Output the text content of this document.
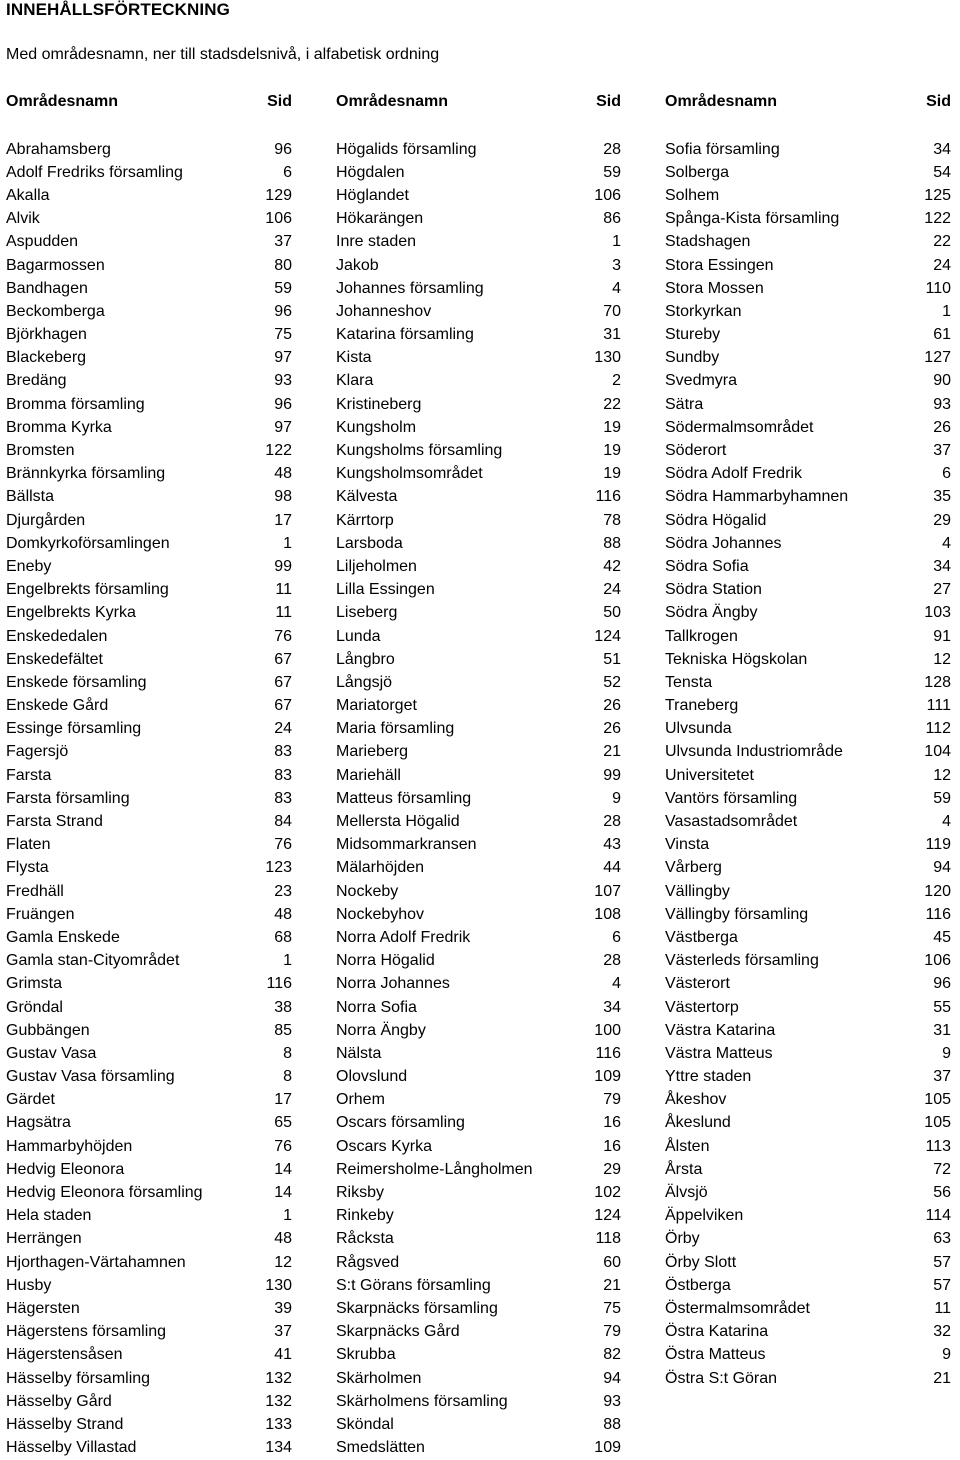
INNEHÅLLSFÖRTECKNING
Med områdesnamn, ner till stadsdelsnivå, i alfabetisk ordning
Områdesnamn	Sid
Abrahamsberg	96
Adolf Fredriks församling	6
Akalla	129
Alvik	106
Aspudden	37
Bagarmossen	80
Bandhagen	59
Beckomberga	96
Björkhagen	75
Blackeberg	97
Bredäng	93
Bromma församling	96
Bromma Kyrka	97
Bromsten	122
Brännkyrka församling	48
Bällsta	98
Djurgården	17
Domkyrkoförsamlingen	1
Eneby	99
Engelbrekts församling	11
Engelbrekts Kyrka	11
Enskededalen	76
Enskedefältet	67
Enskede församling	67
Enskede Gård	67
Essinge församling	24
Fagersjö	83
Farsta	83
Farsta församling	83
Farsta Strand	84
Flaten	76
Flysta	123
Fredhäll	23
Fruängen	48
Gamla Enskede	68
Gamla stan-Cityområdet	1
Grimsta	116
Gröndal	38
Gubbängen	85
Gustav Vasa	8
Gustav Vasa församling	8
Gärdet	17
Hagsätra	65
Hammarbyhöjden	76
Hedvig Eleonora	14
Hedvig Eleonora församling	14
Hela staden	1
Herrängen	48
Hjorthagen-Värtahamnen	12
Husby	130
Hägersten	39
Hägerstens församling	37
Hägerstensåsen	41
Hässelby församling	132
Hässelby Gård	132
Hässelby Strand	133
Hässelby Villastad	134
Områdesnamn	Sid
Högalids församling	28
Högdalen	59
Höglandet	106
Hökarängen	86
Inre staden	1
Jakob	3
Johannes församling	4
Johanneshov	70
Katarina församling	31
Kista	130
Klara	2
Kristineberg	22
Kungsholm	19
Kungsholms församling	19
Kungsholmsområdet	19
Kälvesta	116
Kärrtorp	78
Larsboda	88
Liljeholmen	42
Lilla Essingen	24
Liseberg	50
Lunda	124
Långbro	51
Långsjö	52
Mariatorget	26
Maria församling	26
Marieberg	21
Mariehäll	99
Matteus församling	9
Mellersta Högalid	28
Midsommarkransen	43
Mälarhöjden	44
Nockeby	107
Nockebyhov	108
Norra Adolf Fredrik	6
Norra Högalid	28
Norra Johannes	4
Norra Sofia	34
Norra Ängby	100
Nälsta	116
Olovslund	109
Orhem	79
Oscars församling	16
Oscars Kyrka	16
Reimersholme-Långholmen	29
Riksby	102
Rinkeby	124
Råcksta	118
Rågsved	60
S:t Görans församling	21
Skarpnäcks församling	75
Skarpnäcks Gård	79
Skrubba	82
Skärholmen	94
Skärholmens församling	93
Sköndal	88
Smedslätten	109
Områdesnamn	Sid
Sofia församling	34
Solberga	54
Solhem	125
Spånga-Kista församling	122
Stadshagen	22
Stora Essingen	24
Stora Mossen	110
Storkyrkan	1
Stureby	61
Sundby	127
Svedmyra	90
Sätra	93
Södermalmsområdet	26
Söderort	37
Södra Adolf Fredrik	6
Södra Hammarbyhamnen	35
Södra Högalid	29
Södra Johannes	4
Södra Sofia	34
Södra Station	27
Södra Ängby	103
Tallkrogen	91
Tekniska Högskolan	12
Tensta	128
Traneberg	111
Ulvsunda	112
Ulvsunda Industriområde	104
Universitetet	12
Vantörs församling	59
Vasastadsområdet	4
Vinsta	119
Vårberg	94
Vällingby	120
Vällingby församling	116
Västberga	45
Västerleds församling	106
Västerort	96
Västertorp	55
Västra Katarina	31
Västra Matteus	9
Yttre staden	37
Åkeshov	105
Åkeslund	105
Ålsten	113
Årsta	72
Älvsjö	56
Äppelviken	114
Örby	63
Örby Slott	57
Östberga	57
Östermalmsområdet	11
Östra Katarina	32
Östra Matteus	9
Östra S:t Göran	21
